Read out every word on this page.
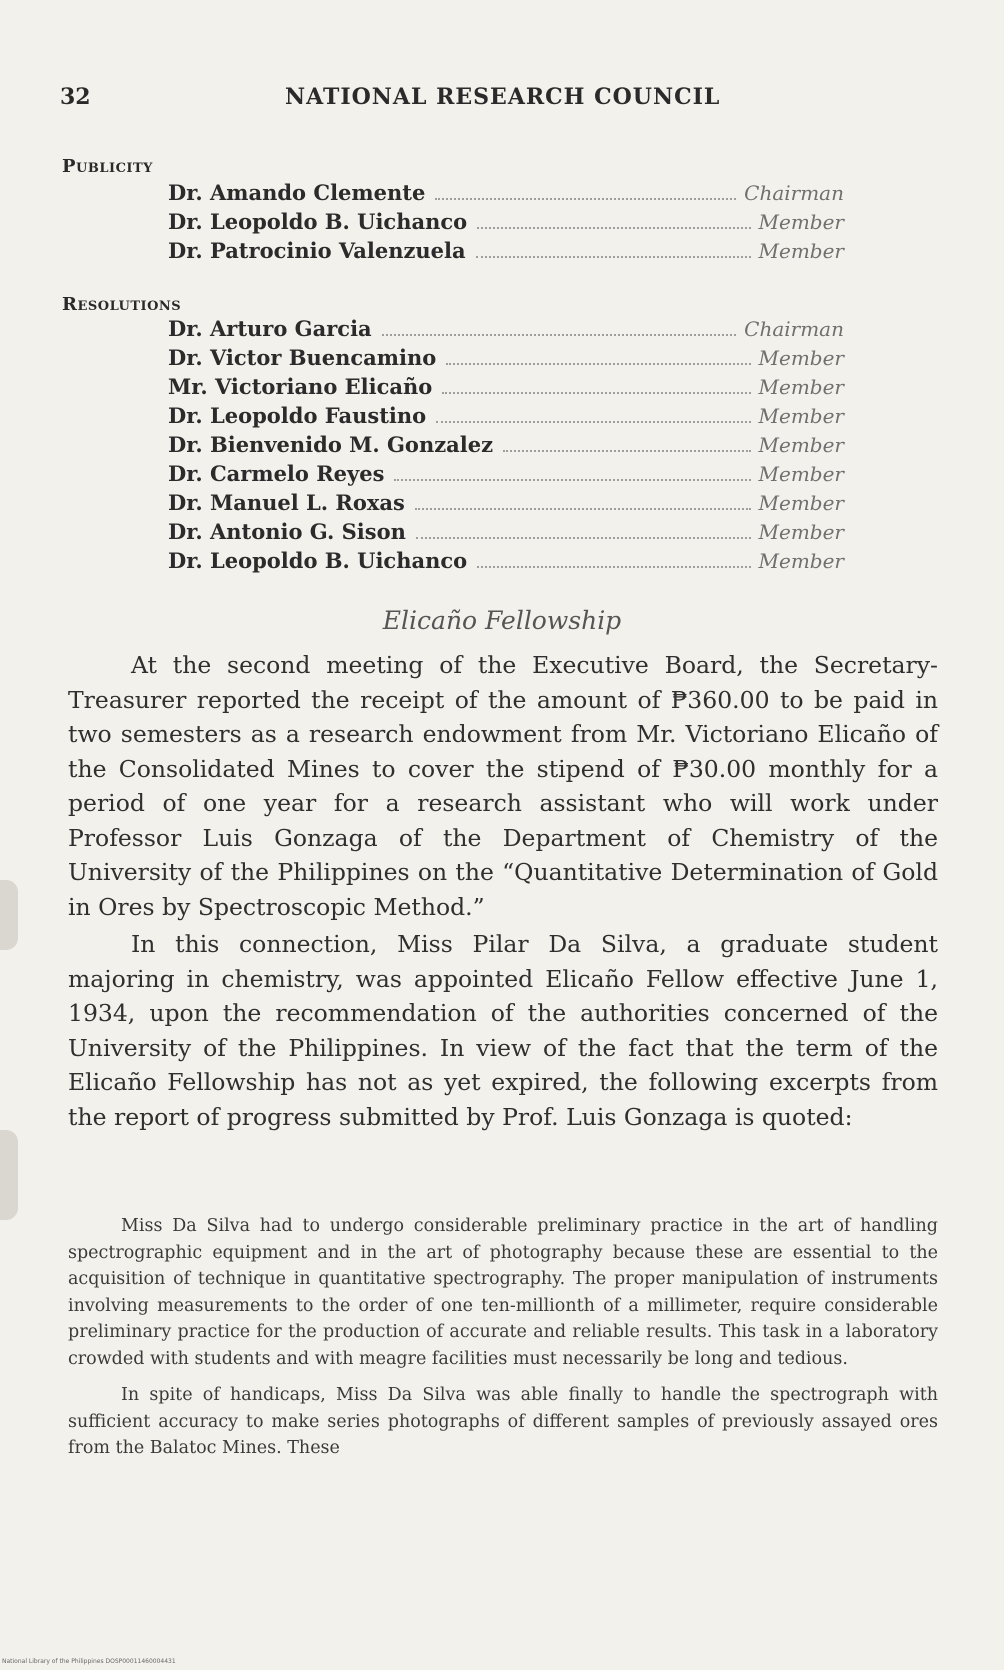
32	NATIONAL RESEARCH COUNCIL
Publicity
Dr. Amando Clemente	Chairman
Dr. Leopoldo B. Uichanco	Member
Dr. Patrocinio Valenzuela	Member
Resolutions
Dr. Arturo Garcia	Chairman
Dr. Victor Buencamino	Member
Mr. Victoriano Elicaño	Member
Dr. Leopoldo Faustino	Member
Dr. Bienvenido M. Gonzalez	Member
Dr. Carmelo Reyes	Member
Dr. Manuel L. Roxas	Member
Dr. Antonio G. Sison	Member
Dr. Leopoldo B. Uichanco	Member
Elicaño Fellowship

At the second meeting of the Executive Board, the Secretary-Treasurer reported the receipt of the amount of ₱360.00 to be paid in two semesters as a research endowment from Mr. Victoriano Elicaño of the Consolidated Mines to cover the stipend of ₱30.00 monthly for a period of one year for a research assistant who will work under Professor Luis Gonzaga of the Department of Chemistry of the University of the Philippines on the “Quantitative Determination of Gold in Ores by Spectroscopic Method.”

In this connection, Miss Pilar Da Silva, a graduate student majoring in chemistry, was appointed Elicaño Fellow effective June 1, 1934, upon the recommendation of the authorities concerned of the University of the Philippines. In view of the fact that the term of the Elicaño Fellowship has not as yet expired, the following excerpts from the report of progress submitted by Prof. Luis Gonzaga is quoted:

Miss Da Silva had to undergo considerable preliminary practice in the art of handling spectrographic equipment and in the art of photography because these are essential to the acquisition of technique in quantitative spectrography. The proper manipulation of instruments involving measurements to the order of one ten-millionth of a millimeter, require considerable preliminary practice for the production of accurate and reliable results. This task in a laboratory crowded with students and with meagre facilities must necessarily be long and tedious.

In spite of handicaps, Miss Da Silva was able finally to handle the spectrograph with sufficient accuracy to make series photographs of different samples of previously assayed ores from the Balatoc Mines. These

National Library of the Philippines DOSP00011460004431
